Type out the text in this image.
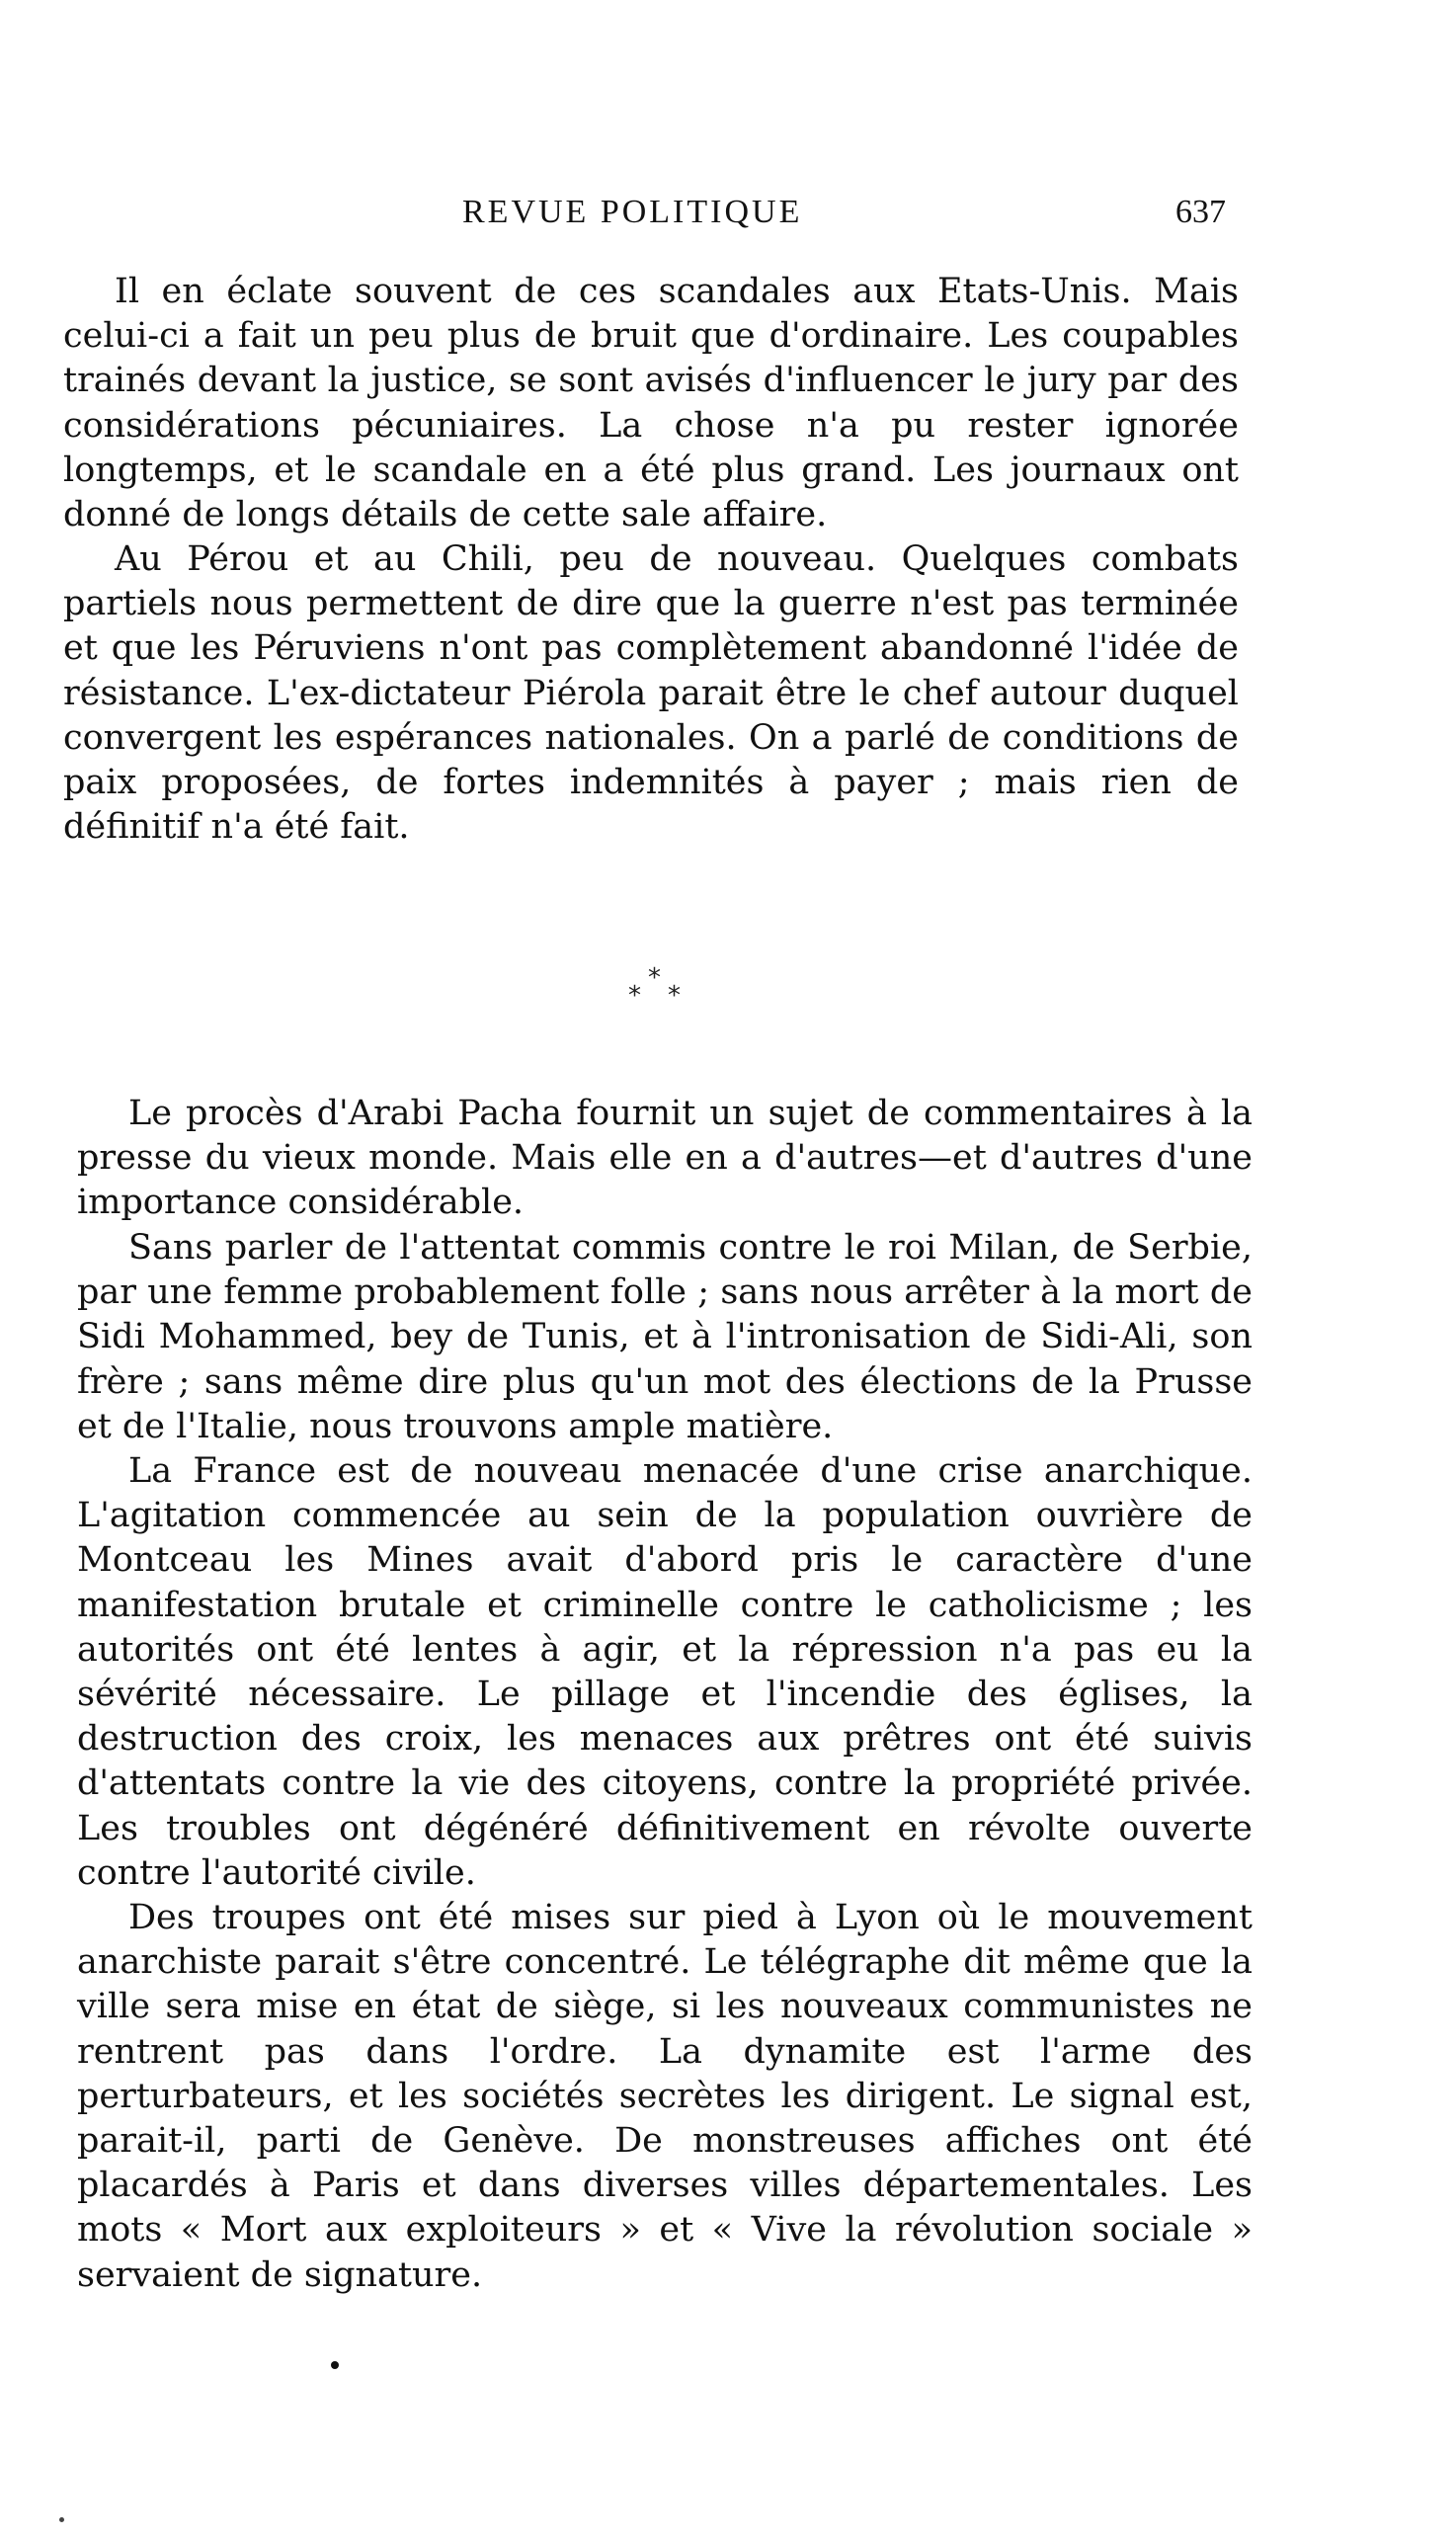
REVUE POLITIQUE	637

Il en éclate souvent de ces scandales aux Etats-Unis. Mais celui-ci a fait un peu plus de bruit que d'ordinaire. Les coupables trainés devant la justice, se sont avisés d'influencer le jury par des considérations pécuniaires. La chose n'a pu rester ignorée longtemps, et le scandale en a été plus grand. Les journaux ont donné de longs détails de cette sale affaire.

Au Pérou et au Chili, peu de nouveau. Quelques combats partiels nous permettent de dire que la guerre n'est pas terminée et que les Péruviens n'ont pas complètement abandonné l'idée de résistance. L'ex-dictateur Piérola parait être le chef autour duquel convergent les espérances nationales. On a parlé de conditions de paix proposées, de fortes indemnités à payer ; mais rien de définitif n'a été fait.

*
* *

Le procès d'Arabi Pacha fournit un sujet de commentaires à la presse du vieux monde. Mais elle en a d'autres—et d'autres d'une importance considérable.

Sans parler de l'attentat commis contre le roi Milan, de Serbie, par une femme probablement folle ; sans nous arrêter à la mort de Sidi Mohammed, bey de Tunis, et à l'intronisation de Sidi-Ali, son frère ; sans même dire plus qu'un mot des élections de la Prusse et de l'Italie, nous trouvons ample matière.

La France est de nouveau menacée d'une crise anarchique. L'agitation commencée au sein de la population ouvrière de Montceau les Mines avait d'abord pris le caractère d'une manifestation brutale et criminelle contre le catholicisme ; les autorités ont été lentes à agir, et la répression n'a pas eu la sévérité nécessaire. Le pillage et l'incendie des églises, la destruction des croix, les menaces aux prêtres ont été suivis d'attentats contre la vie des citoyens, contre la propriété privée. Les troubles ont dégénéré définitivement en révolte ouverte contre l'autorité civile.

Des troupes ont été mises sur pied à Lyon où le mouvement anarchiste parait s'être concentré. Le télégraphe dit même que la ville sera mise en état de siège, si les nouveaux communistes ne rentrent pas dans l'ordre. La dynamite est l'arme des perturbateurs, et les sociétés secrètes les dirigent. Le signal est, parait-il, parti de Genève. De monstreuses affiches ont été placardés à Paris et dans diverses villes départementales. Les mots « Mort aux exploiteurs » et « Vive la révolution sociale » servaient de signature.
